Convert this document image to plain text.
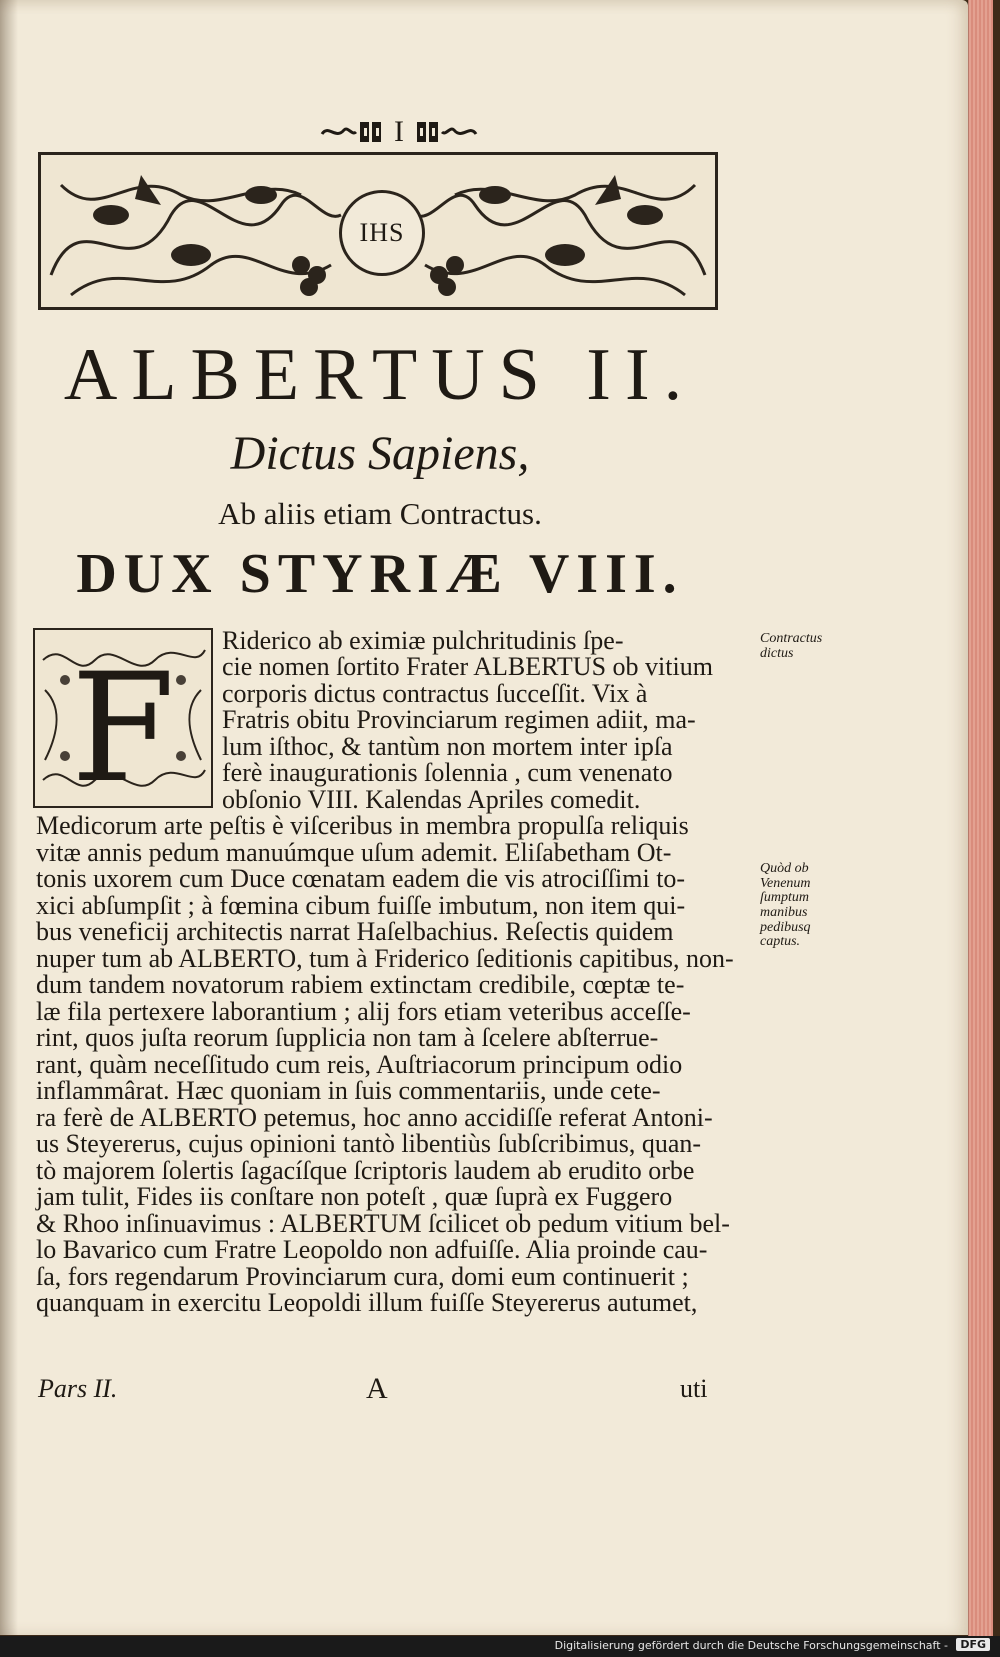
I
IHS
ALBERTUS II.
Dictus Sapiens,
Ab aliis etiam Contractus.
DUX STYRIÆ VIII.
F
Riderico ab eximiæ pulchritudinis ſpe-
cie nomen ſortito Frater ALBERTUS ob vitium
corporis dictus contractus ſucceſſit. Vix à
Fratris obitu Provinciarum regimen adiit, ma-
lum iſthoc, & tantùm non mortem inter ipſa
ferè inaugurationis ſolennia , cum venenato
obſonio VIII. Kalendas Apriles comedit.
Medicorum arte peſtis è viſceribus in membra propulſa reliquis
vitæ annis pedum manuúmque uſum ademit. Eliſabetham Ot-
tonis uxorem cum Duce cœnatam eadem die vis atrociſſimi to-
xici abſumpſit ; à fœmina cibum fuiſſe imbutum, non item qui-
bus veneficij architectis narrat Haſelbachius. Reſectis quidem
nuper tum ab ALBERTO, tum à Friderico ſeditionis capitibus, non-
dum tandem novatorum rabiem extinctam credibile, cœptæ te-
læ fila pertexere laborantium ; alij fors etiam veteribus acceſſe-
rint, quos juſta reorum ſupplicia non tam à ſcelere abſterrue-
rant, quàm neceſſitudo cum reis, Auſtriacorum principum odio
inflammârat. Hæc quoniam in ſuis commentariis, unde cete-
ra ferè de ALBERTO petemus, hoc anno accidiſſe referat Antoni-
us Steyererus, cujus opinioni tantò libentiùs ſubſcribimus, quan-
tò majorem ſolertis ſagacíſque ſcriptoris laudem ab erudito orbe
jam tulit, Fides iis conſtare non poteſt , quæ ſuprà ex Fuggero
& Rhoo inſinuavimus : ALBERTUM ſcilicet ob pedum vitium bel-
lo Bavarico cum Fratre Leopoldo non adfuiſſe. Alia proinde cau-
ſa, fors regendarum Provinciarum cura, domi eum continuerit ;
quanquam in exercitu Leopoldi illum fuiſſe Steyererus autumet,
Contractus
dictus
Quòd ob
Venenum
ſumptum
manibus
pedibusq
captus.
Pars II.	A	uti
Digitalisierung gefördert durch die Deutsche Forschungsgemeinschaft -	DFG
